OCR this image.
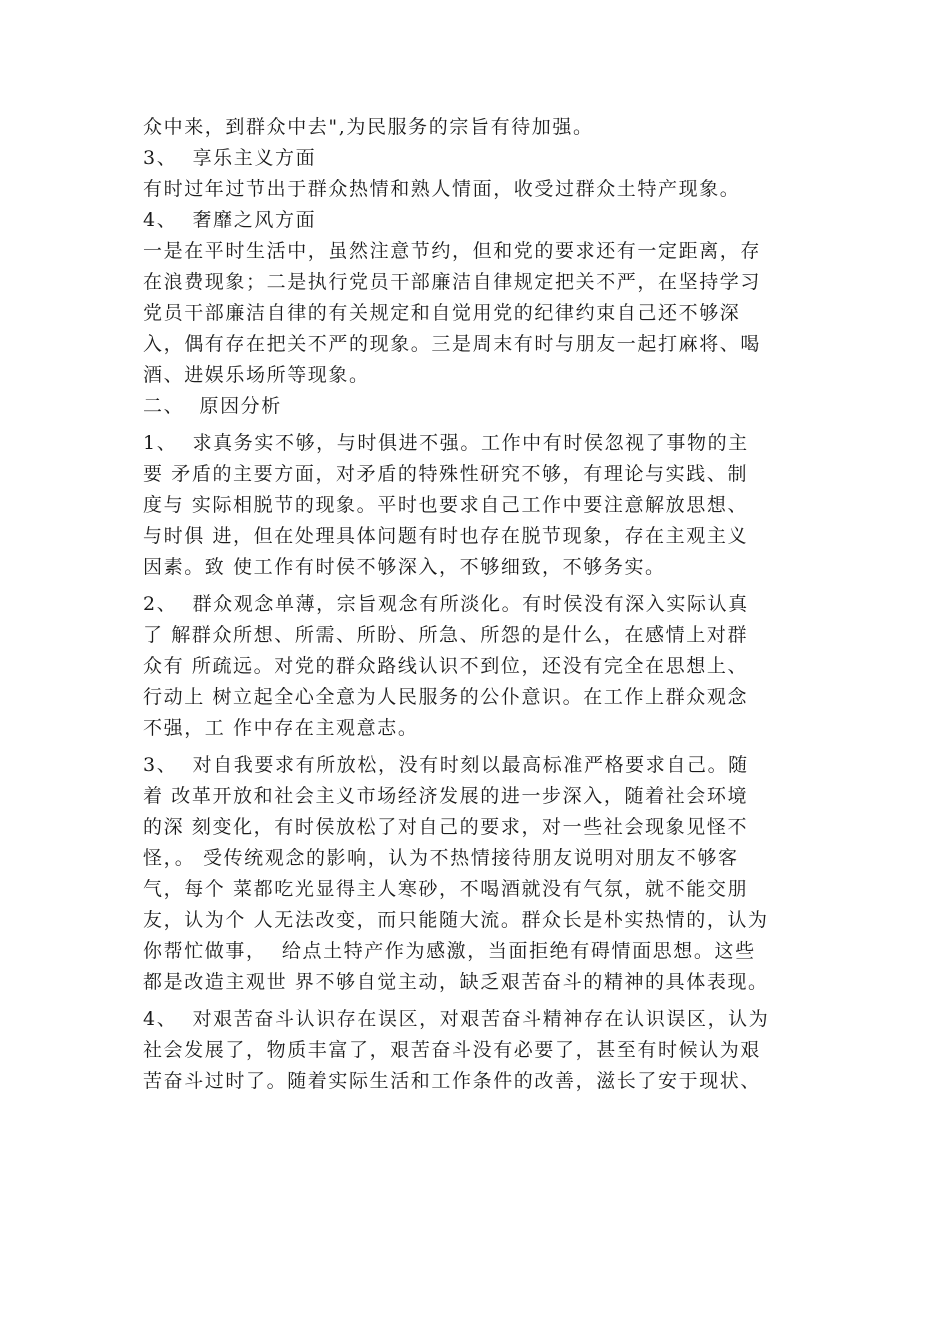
众中来，到群众中去",为民服务的宗旨有待加强。
3、  享乐主义方面
有时过年过节出于群众热情和熟人情面，收受过群众土特产现象。
4、  奢靡之风方面
一是在平时生活中，虽然注意节约，但和党的要求还有一定距离，存
在浪费现象；二是执行党员干部廉洁自律规定把关不严，在坚持学习
党员干部廉洁自律的有关规定和自觉用党的纪律约束自己还不够深
入，偶有存在把关不严的现象。三是周末有时与朋友一起打麻将、喝
酒、进娱乐场所等现象。
二、  原因分析
1、  求真务实不够，与时俱进不强。工作中有时侯忽视了事物的主
要 矛盾的主要方面，对矛盾的特殊性研究不够，有理论与实践、制
度与 实际相脱节的现象。平时也要求自己工作中要注意解放思想、
与时俱 进，但在处理具体问题有时也存在脱节现象，存在主观主义
因素。致 使工作有时侯不够深入，不够细致，不够务实。
2、  群众观念单薄，宗旨观念有所淡化。有时侯没有深入实际认真
了 解群众所想、所需、所盼、所急、所怨的是什么，在感情上对群
众有 所疏远。对党的群众路线认识不到位，还没有完全在思想上、
行动上 树立起全心全意为人民服务的公仆意识。在工作上群众观念
不强，工 作中存在主观意志。
3、  对自我要求有所放松，没有时刻以最高标准严格要求自己。随
着 改革开放和社会主义市场经济发展的进一步深入，随着社会环境
的深 刻变化，有时侯放松了对自己的要求，对一些社会现象见怪不
怪，。 受传统观念的影响，认为不热情接待朋友说明对朋友不够客
气，每个 菜都吃光显得主人寒砂，不喝酒就没有气氛，就不能交朋
友，认为个 人无法改变，而只能随大流。群众长是朴实热情的，认为
你帮忙做事，  给点土特产作为感激，当面拒绝有碍情面思想。这些
都是改造主观世 界不够自觉主动，缺乏艰苦奋斗的精神的具体表现。
4、  对艰苦奋斗认识存在误区，对艰苦奋斗精神存在认识误区，认为
社会发展了，物质丰富了，艰苦奋斗没有必要了，甚至有时候认为艰
苦奋斗过时了。随着实际生活和工作条件的改善，滋长了安于现状、
